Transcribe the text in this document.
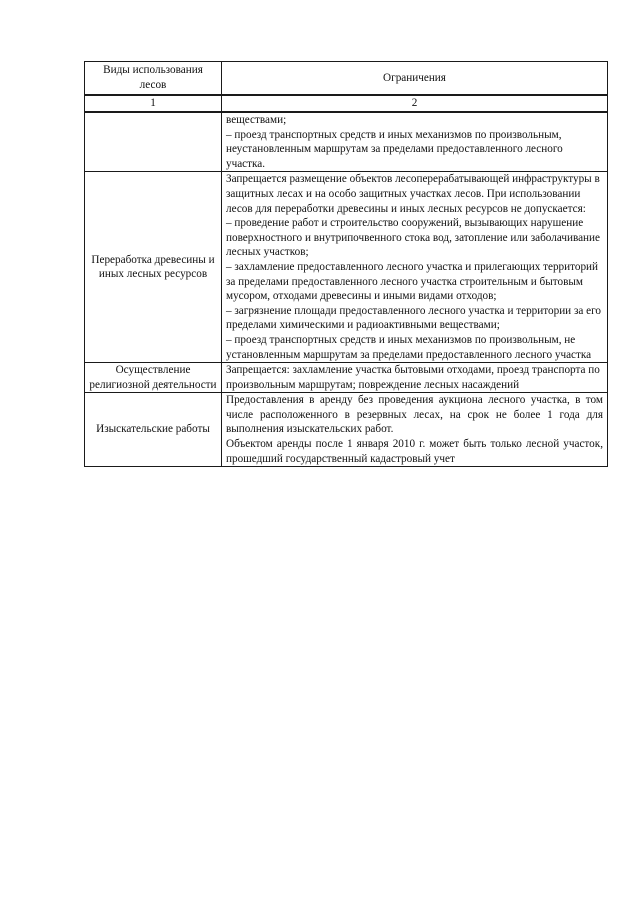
Виды использования лесов	Ограничения
1	2

	веществами;

– проезд транспортных средств и иных механизмов по произвольным, неустановленным маршрутам за пределами предоставленного лесного участка.

Переработка древесины и иных лесных ресурсов	Запрещается размещение объектов лесоперерабатывающей инфраструктуры в защитных лесах и на особо защитных участках лесов. При использовании лесов для переработки древесины и иных лесных ресурсов не допускается:

– проведение работ и строительство сооружений, вызывающих нарушение поверхностного и внутрипочвенного стока вод, затопление или заболачивание лесных участков;

– захламление предоставленного лесного участка и прилегающих территорий за пределами предоставленного лесного участка строительным и бытовым мусором, отходами древесины и иными видами отходов;

– загрязнение площади предоставленного лесного участка и территории за его пределами химическими и радиоактивными веществами;

– проезд транспортных средств и иных механизмов по произвольным, не установленным маршрутам за пределами предоставленного лесного участка

Осуществление религиозной деятельности	Запрещается: захламление участка бытовыми отходами, проезд транспорта по произвольным маршрутам; повреждение лесных насаждений

Изыскательские работы	Предоставления в аренду без проведения аукциона лесного участка, в том числе расположенного в резервных лесах, на срок не более 1 года для выполнения изыскательских работ.

Объектом аренды после 1 января 2010 г. может быть только лесной участок, прошедший государственный кадастровый учет
